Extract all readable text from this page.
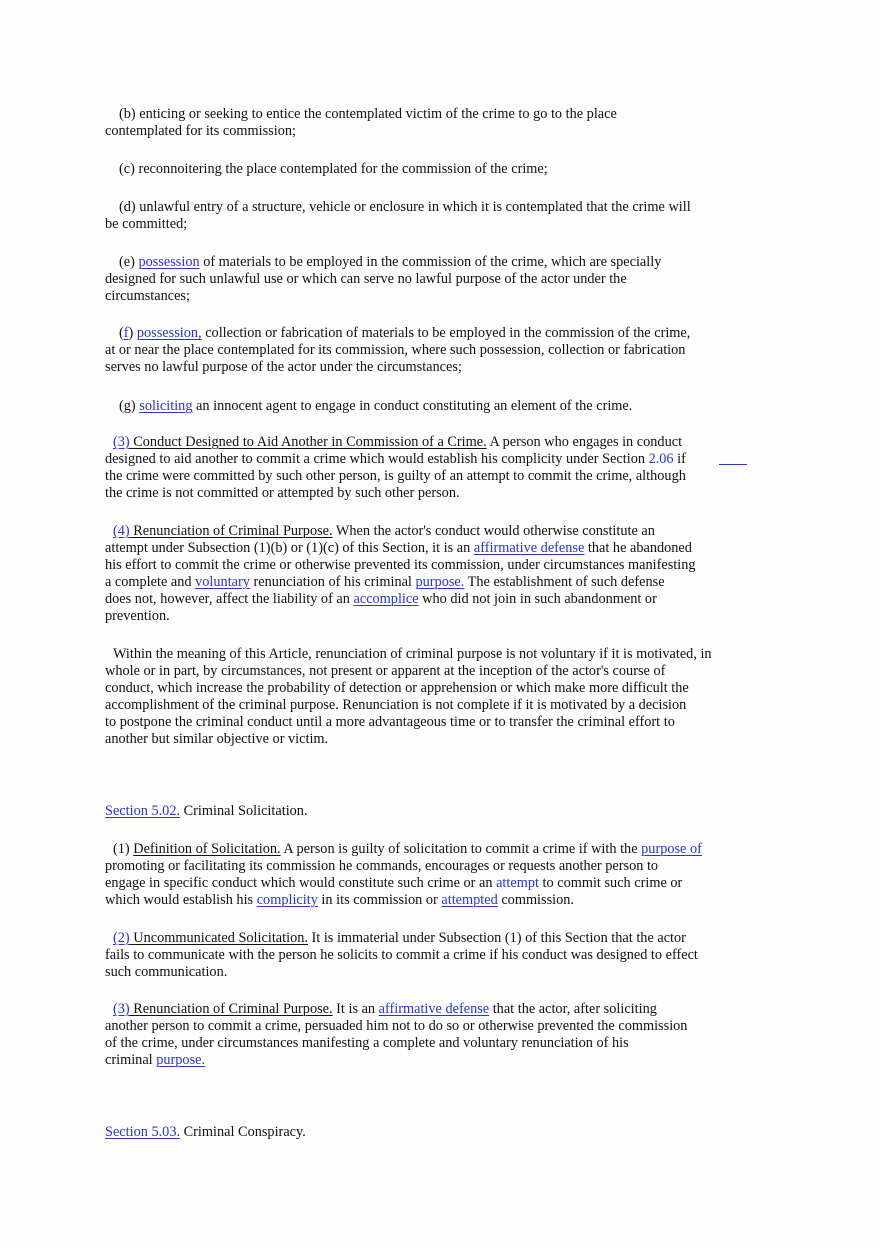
(b) enticing or seeking to entice the contemplated victim of the crime to go to the place
contemplated for its commission;

(c) reconnoitering the place contemplated for the commission of the crime;

(d) unlawful entry of a structure, vehicle or enclosure in which it is contemplated that the crime will
be committed;

(e) possession of materials to be employed in the commission of the crime, which are specially
designed for such unlawful use or which can serve no lawful purpose of the actor under the
circumstances;

(f) possession, collection or fabrication of materials to be employed in the commission of the crime,
at or near the place contemplated for its commission, where such possession, collection or fabrication
serves no lawful purpose of the actor under the circumstances;

(g) soliciting an innocent agent to engage in conduct constituting an element of the crime.

(3) Conduct Designed to Aid Another in Commission of a Crime. A person who engages in conduct
designed to aid another to commit a crime which would establish his complicity under Section 2.06 if
the crime were committed by such other person, is guilty of an attempt to commit the crime, although
the crime is not committed or attempted by such other person.

(4) Renunciation of Criminal Purpose. When the actor's conduct would otherwise constitute an
attempt under Subsection (1)(b) or (1)(c) of this Section, it is an affirmative defense that he abandoned
his effort to commit the crime or otherwise prevented its commission, under circumstances manifesting
a complete and voluntary renunciation of his criminal purpose. The establishment of such defense
does not, however, affect the liability of an accomplice who did not join in such abandonment or
prevention.

Within the meaning of this Article, renunciation of criminal purpose is not voluntary if it is motivated, in
whole or in part, by circumstances, not present or apparent at the inception of the actor's course of
conduct, which increase the probability of detection or apprehension or which make more difficult the
accomplishment of the criminal purpose. Renunciation is not complete if it is motivated by a decision
to postpone the criminal conduct until a more advantageous time or to transfer the criminal effort to
another but similar objective or victim.

Section 5.02. Criminal Solicitation.

(1) Definition of Solicitation. A person is guilty of solicitation to commit a crime if with the purpose of
promoting or facilitating its commission he commands, encourages or requests another person to
engage in specific conduct which would constitute such crime or an attempt to commit such crime or
which would establish his complicity in its commission or attempted commission.

(2) Uncommunicated Solicitation. It is immaterial under Subsection (1) of this Section that the actor
fails to communicate with the person he solicits to commit a crime if his conduct was designed to effect
such communication.

(3) Renunciation of Criminal Purpose. It is an affirmative defense that the actor, after soliciting
another person to commit a crime, persuaded him not to do so or otherwise prevented the commission
of the crime, under circumstances manifesting a complete and voluntary renunciation of his
criminal purpose.

Section 5.03. Criminal Conspiracy.
